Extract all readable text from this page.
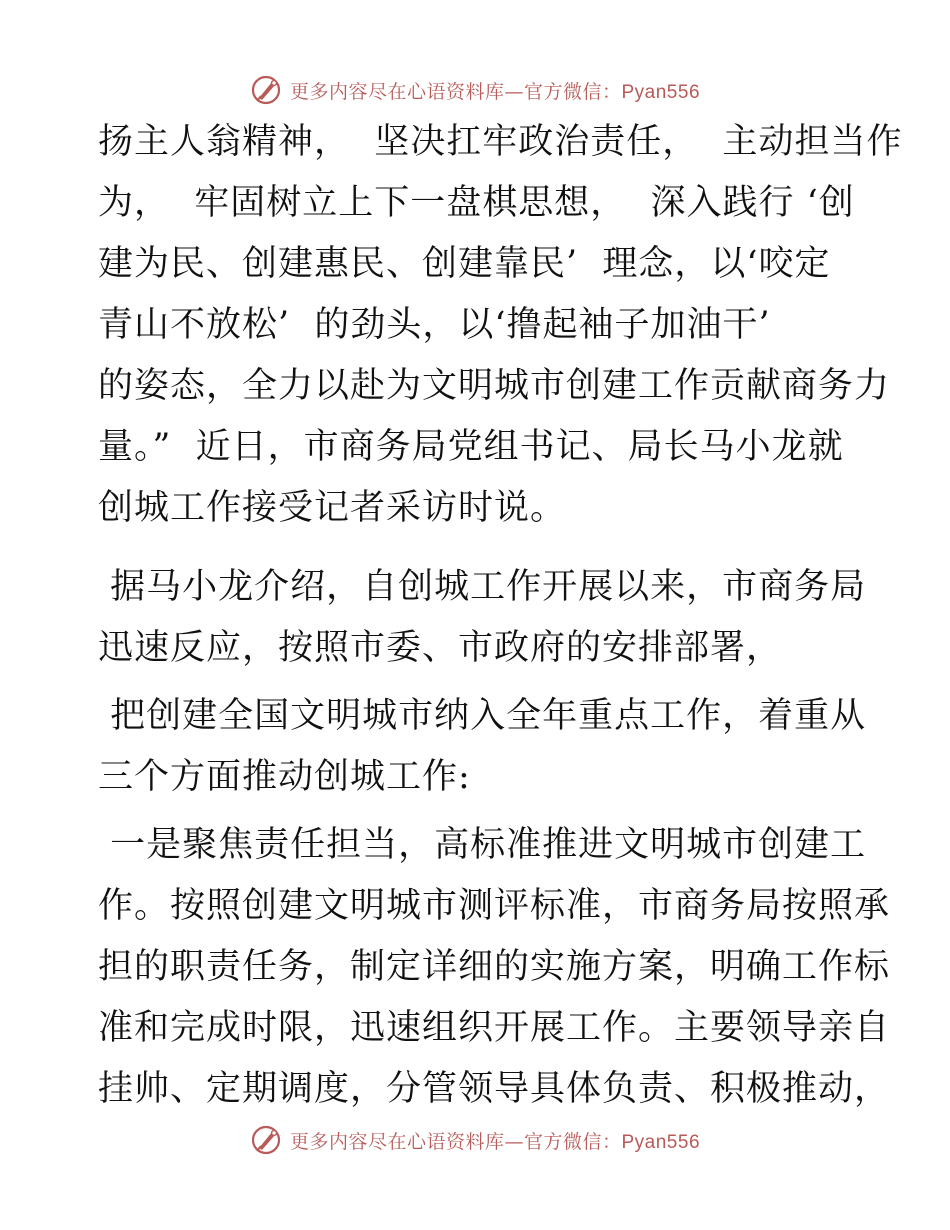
更多内容尽在心语资料库—官方微信：Pyan556
扬主人翁精神，  坚决扛牢政治责任，  主动担当作
为，  牢固树立上下一盘棋思想，  深入践行 ‘创
建为民、创建惠民、创建靠民’  理念，以‘咬定
青山不放松’  的劲头，以‘撸起袖子加油干’
的姿态，全力以赴为文明城市创建工作贡献商务力
量。”  近日，市商务局党组书记、局长马小龙就
创城工作接受记者采访时说。
据马小龙介绍，自创城工作开展以来，市商务局
迅速反应，按照市委、市政府的安排部署，
把创建全国文明城市纳入全年重点工作，着重从
三个方面推动创城工作:
一是聚焦责任担当，高标准推进文明城市创建工
作。按照创建文明城市测评标准，市商务局按照承
担的职责任务，制定详细的实施方案，明确工作标
准和完成时限，迅速组织开展工作。主要领导亲自
挂帅、定期调度，分管领导具体负责、积极推动，
更多内容尽在心语资料库—官方微信：Pyan556
